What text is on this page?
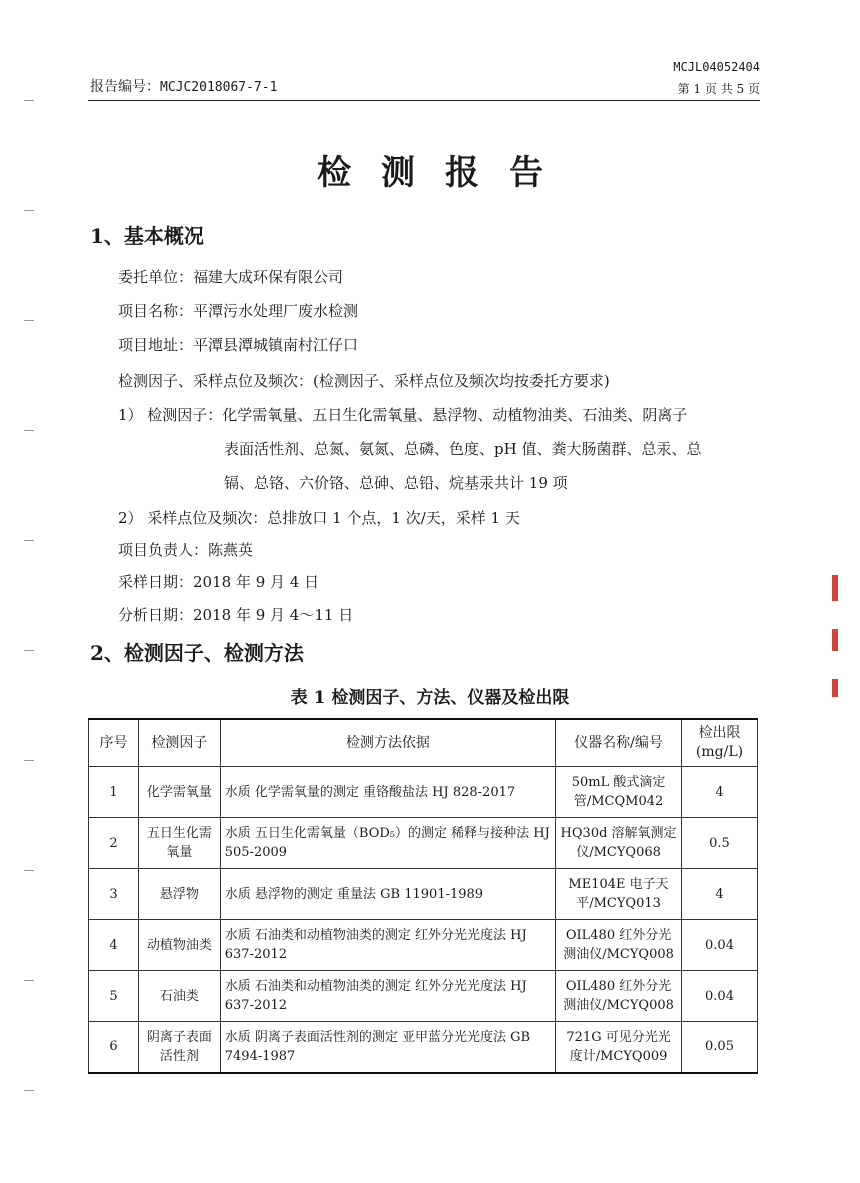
报告编号：MCJC2018067-7-1
MCJL04052404
第 1 页 共 5 页
检测报告
1、基本概况
委托单位：福建大成环保有限公司
项目名称：平潭污水处理厂废水检测
项目地址：平潭县潭城镇南村江仔口
检测因子、采样点位及频次：(检测因子、采样点位及频次均按委托方要求)
1） 检测因子：化学需氧量、五日生化需氧量、悬浮物、动植物油类、石油类、阴离子
表面活性剂、总氮、氨氮、总磷、色度、pH 值、粪大肠菌群、总汞、总
镉、总铬、六价铬、总砷、总铅、烷基汞共计 19 项
2） 采样点位及频次：总排放口 1 个点，1 次/天，采样 1 天
项目负责人：陈燕英
采样日期：2018 年 9 月 4 日
分析日期：2018 年 9 月 4～11 日
2、检测因子、检测方法
表 1 检测因子、方法、仪器及检出限
序号	检测因子	检测方法依据	仪器名称/编号	检出限
(mg/L)
1	化学需氧量	水质 化学需氧量的测定 重铬酸盐法 HJ 828-2017	50mL 酸式滴定管/MCQM042	4
2	五日生化需氧量	水质 五日生化需氧量（BOD₅）的测定 稀释与接种法 HJ 505-2009	HQ30d 溶解氧测定仪/MCYQ068	0.5
3	悬浮物	水质 悬浮物的测定 重量法 GB 11901-1989	ME104E 电子天平/MCYQ013	4
4	动植物油类	水质 石油类和动植物油类的测定 红外分光光度法 HJ 637-2012	OIL480 红外分光测油仪/MCYQ008	0.04
5	石油类	水质 石油类和动植物油类的测定 红外分光光度法 HJ 637-2012	OIL480 红外分光测油仪/MCYQ008	0.04
6	阴离子表面活性剂	水质 阴离子表面活性剂的测定 亚甲蓝分光光度法 GB 7494-1987	721G 可见分光光度计/MCYQ009	0.05
